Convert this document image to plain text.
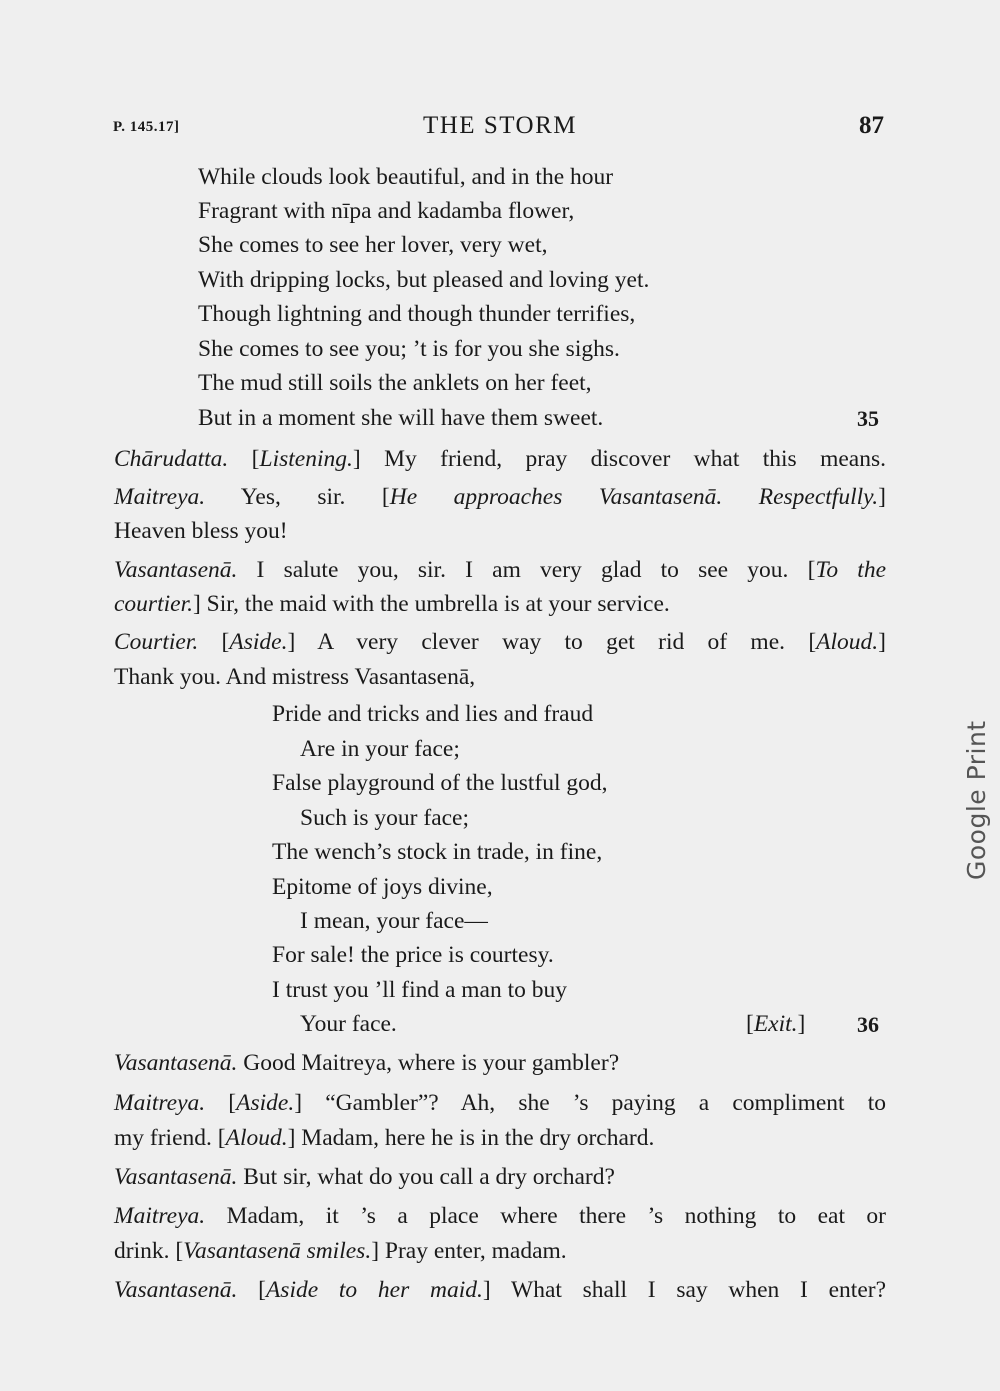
P. 145.17]	THE STORM	87
While clouds look beautiful, and in the hour
Fragrant with nīpa and kadamba flower,
She comes to see her lover, very wet,
With dripping locks, but pleased and loving yet.
Though lightning and though thunder terrifies,
She comes to see you; ’t is for you she sighs.
The mud still soils the anklets on her feet,
But in a moment she will have them sweet.	35
Chārudatta. [Listening.] My friend, pray discover what this means.
Maitreya. Yes, sir. [He approaches Vasantasenā. Respectfully.]
Heaven bless you!
Vasantasenā. I salute you, sir. I am very glad to see you. [To the
courtier.] Sir, the maid with the umbrella is at your service.
Courtier. [Aside.] A very clever way to get rid of me. [Aloud.]
Thank you. And mistress Vasantasenā,
Pride and tricks and lies and fraud
Are in your face;
False playground of the lustful god,
Such is your face;
The wench’s stock in trade, in fine,
Epitome of joys divine,
I mean, your face—
For sale! the price is courtesy.
I trust you ’ll find a man to buy
Your face.	[Exit.] 36
Vasantasenā. Good Maitreya, where is your gambler?
Maitreya. [Aside.] “Gambler”? Ah, she ’s paying a compliment to
my friend. [Aloud.] Madam, here he is in the dry orchard.
Vasantasenā. But sir, what do you call a dry orchard?
Maitreya. Madam, it ’s a place where there ’s nothing to eat or
drink. [Vasantasenā smiles.] Pray enter, madam.
Vasantasenā. [Aside to her maid.] What shall I say when I enter?
Google Print
